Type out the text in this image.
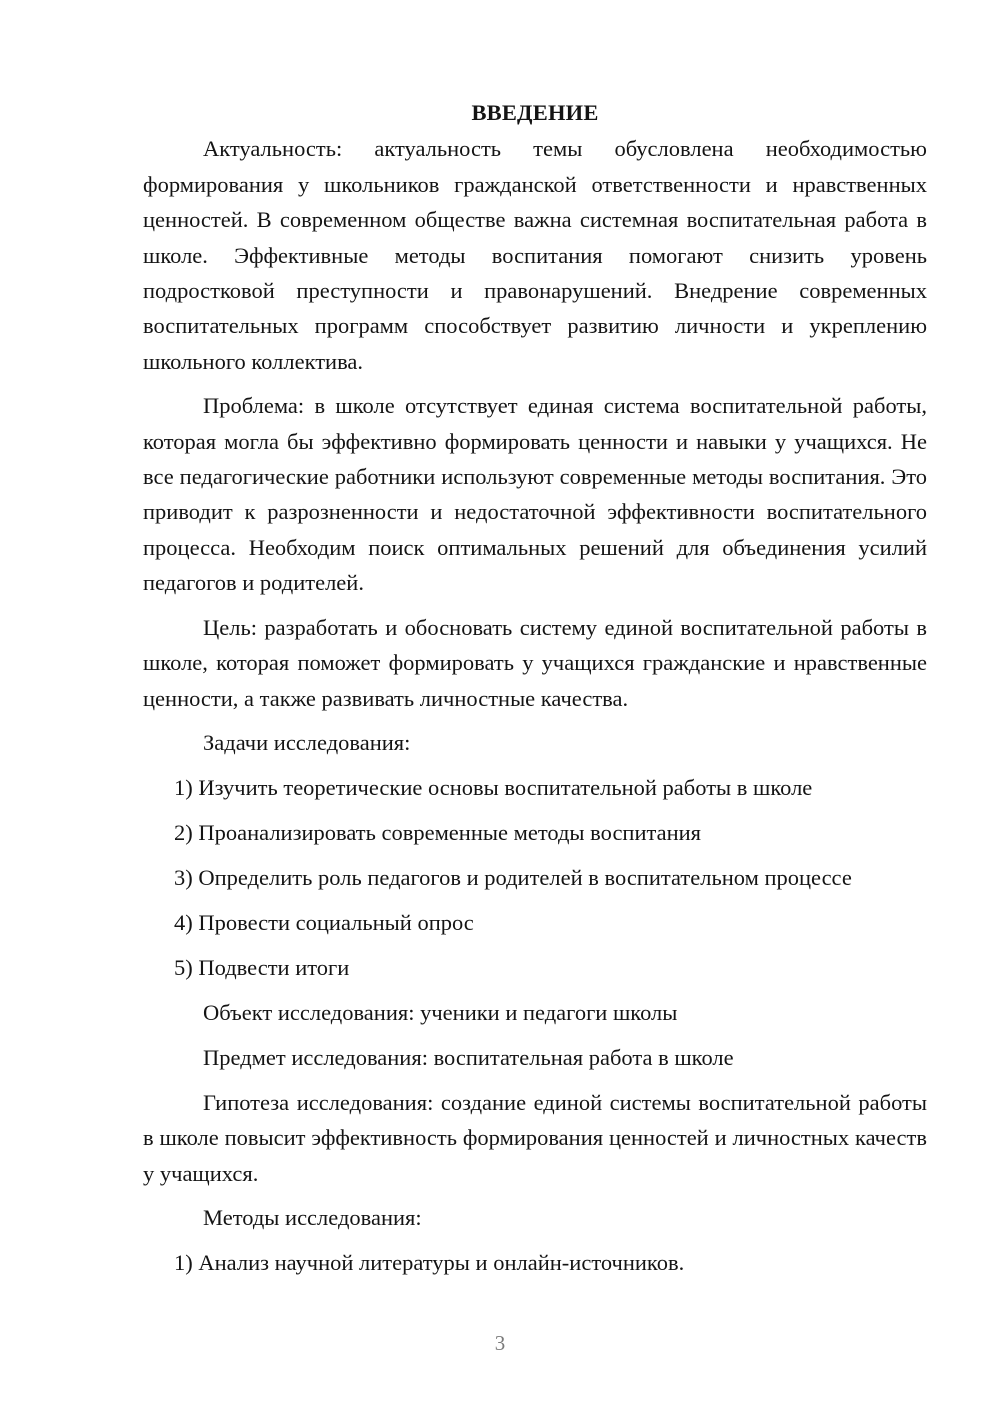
ВВЕДЕНИЕ

Актуальность: актуальность темы обусловлена необходимостью формирования у школьников гражданской ответственности и нравственных ценностей. В современном обществе важна системная воспитательная работа в школе. Эффективные методы воспитания помогают снизить уровень подростковой преступности и правонарушений. Внедрение современных воспитательных программ способствует развитию личности и укреплению школьного коллектива.

Проблема: в школе отсутствует единая система воспитательной работы, которая могла бы эффективно формировать ценности и навыки у учащихся. Не все педагогические работники используют современные методы воспитания. Это приводит к разрозненности и недостаточной эффективности воспитательного процесса. Необходим поиск оптимальных решений для объединения усилий педагогов и родителей.

Цель: разработать и обосновать систему единой воспитательной работы в школе, которая поможет формировать у учащихся гражданские и нравственные ценности, а также развивать личностные качества.

Задачи исследования:
1) Изучить теоретические основы воспитательной работы в школе
2) Проанализировать современные методы воспитания
3) Определить роль педагогов и родителей в воспитательном процессе
4) Провести социальный опрос
5) Подвести итоги
Объект исследования: ученики и педагоги школы
Предмет исследования: воспитательная работа в школе

Гипотеза исследования: создание единой системы воспитательной работы в школе повысит эффективность формирования ценностей и личностных качеств у учащихся.

Методы исследования:
1) Анализ научной литературы и онлайн-источников.
3
